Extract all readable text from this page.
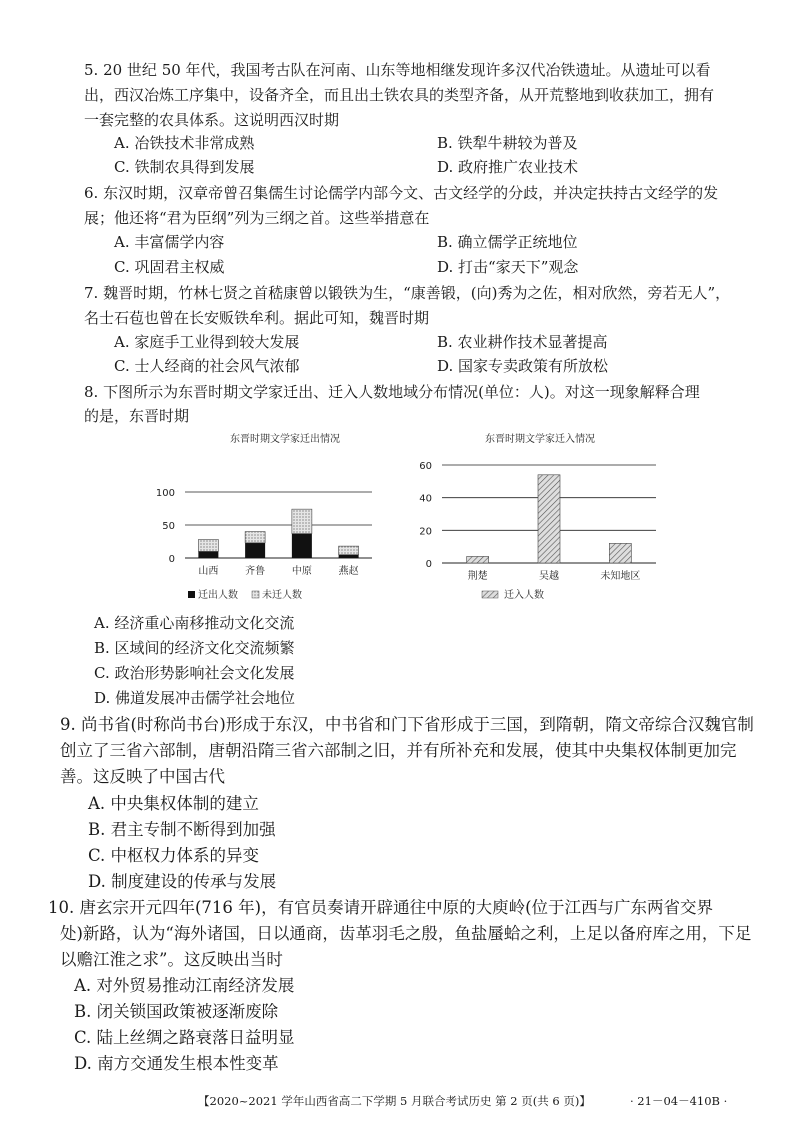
5. 20 世纪 50 年代，我国考古队在河南、山东等地相继发现许多汉代冶铁遗址。从遗址可以看
出，西汉冶炼工序集中，设备齐全，而且出土铁农具的类型齐备，从开荒整地到收获加工，拥有
一套完整的农具体系。这说明西汉时期
A. 冶铁技术非常成熟	B. 铁犁牛耕较为普及
C. 铁制农具得到发展	D. 政府推广农业技术
6. 东汉时期，汉章帝曾召集儒生讨论儒学内部今文、古文经学的分歧，并决定扶持古文经学的发
展；他还将“君为臣纲”列为三纲之首。这些举措意在
A. 丰富儒学内容	B. 确立儒学正统地位
C. 巩固君主权威	D. 打击“家天下”观念
7. 魏晋时期，竹林七贤之首嵇康曾以锻铁为生，“康善锻，(向)秀为之佐，相对欣然，旁若无人”，
名士石苞也曾在长安贩铁牟利。据此可知，魏晋时期
A. 家庭手工业得到较大发展	B. 农业耕作技术显著提高
C. 士人经商的社会风气浓郁	D. 国家专卖政策有所放松
8. 下图所示为东晋时期文学家迁出、迁入人数地域分布情况(单位：人)。对这一现象解释合理
的是，东晋时期
东晋时期文学家迁出情况
0
50
100
山西	齐鲁	中原	燕赵
迁出人数 未迁人数
东晋时期文学家迁入情况
0
20
40
60
荆楚	吴越	未知地区
迁入人数
A. 经济重心南移推动文化交流
B. 区域间的经济文化交流频繁
C. 政治形势影响社会文化发展
D. 佛道发展冲击儒学社会地位
9. 尚书省(时称尚书台)形成于东汉，中书省和门下省形成于三国，到隋朝，隋文帝综合汉魏官制
创立了三省六部制，唐朝沿隋三省六部制之旧，并有所补充和发展，使其中央集权体制更加完
善。这反映了中国古代
A. 中央集权体制的建立
B. 君主专制不断得到加强
C. 中枢权力体系的异变
D. 制度建设的传承与发展
10. 唐玄宗开元四年(716 年)，有官员奏请开辟通往中原的大庾岭(位于江西与广东两省交界
处)新路，认为“海外诸国，日以通商，齿革羽毛之殷，鱼盐蜃蛤之利，上足以备府库之用，下足
以赡江淮之求”。这反映出当时
A. 对外贸易推动江南经济发展
B. 闭关锁国政策被逐渐废除
C. 陆上丝绸之路衰落日益明显
D. 南方交通发生根本性变革
【2020~2021 学年山西省高二下学期 5 月联合考试历史 第 2 页(共 6 页)】	· 21－04－410B ·
